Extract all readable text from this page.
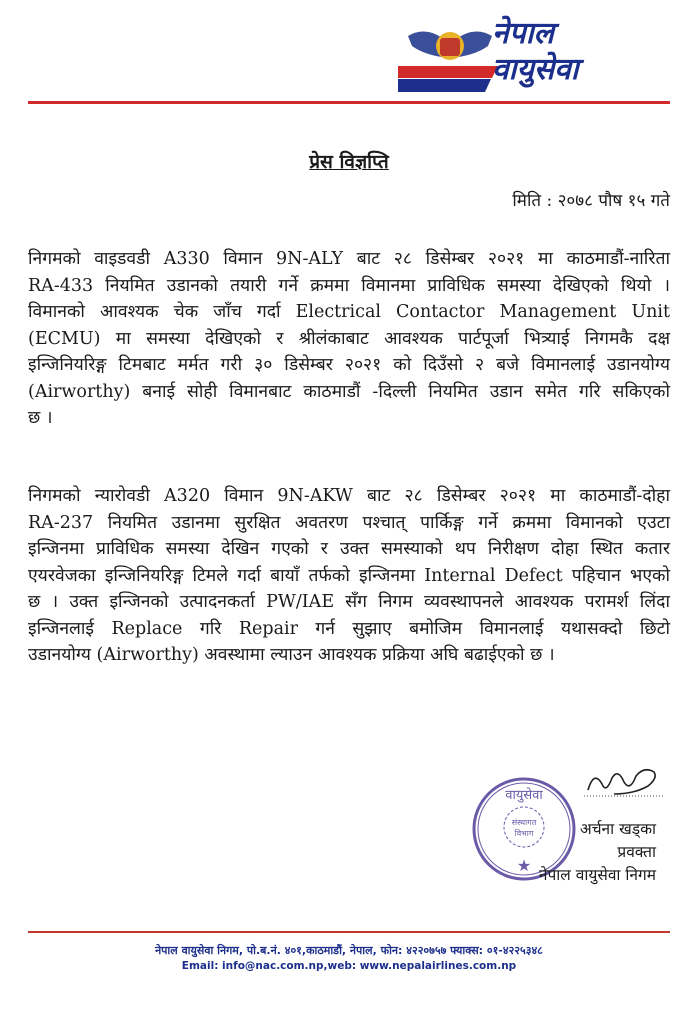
नेपाल
वायुसेवा
प्रेस विज्ञप्ति
मिति : २०७८ पौष १५ गते
निगमको वाइडवडी A330 विमान 9N-ALY बाट २८ डिसेम्बर २०२१ मा काठमाडौं-नारिता
RA-433 नियमित उडानको तयारी गर्ने क्रममा विमानमा प्राविधिक समस्या देखिएको थियो ।
विमानको आवश्यक चेक जाँच गर्दा Electrical Contactor Management Unit
(ECMU) मा समस्या देखिएको र श्रीलंकाबाट आवश्यक पार्टपूर्जा भित्र्याई निगमकै दक्ष
इन्जिनियरिङ्ग टिमबाट मर्मत गरी ३० डिसेम्बर २०२१ को दिउँसो २ बजे विमानलाई उडानयोग्य
(Airworthy) बनाई सोही विमानबाट काठमाडौं -दिल्ली नियमित उडान समेत गरि सकिएको
छ ।
निगमको न्यारोवडी A320 विमान 9N-AKW बाट २८ डिसेम्बर २०२१ मा काठमाडौं-दोहा
RA-237 नियमित उडानमा सुरक्षित अवतरण पश्चात् पार्किङ्ग गर्ने क्रममा विमानको एउटा
इन्जिनमा प्राविधिक समस्या देखिन गएको र उक्त समस्याको थप निरीक्षण दोहा स्थित कतार
एयरवेजका इन्जिनियरिङ्ग टिमले गर्दा बायाँ तर्फको इन्जिनमा Internal Defect पहिचान भएको
छ । उक्त इन्जिनको उत्पादनकर्ता PW/IAE सँग निगम व्यवस्थापनले आवश्यक परामर्श लिंदा
इन्जिनलाई Replace गरि Repair गर्न सुझाए बमोजिम विमानलाई यथासक्दो छिटो
उडानयोग्य (Airworthy) अवस्थामा ल्याउन आवश्यक प्रक्रिया अघि बढाईएको छ ।
संस्थागत
विभाग
वायुसेवा
★
अर्चना खड्का
प्रवक्ता
नेपाल वायुसेवा निगम
नेपाल वायुसेवा निगम, पो.ब.नं. ४०१,काठमाडौं, नेपाल, फोन: ४२२०७५७ फ्याक्स: ०१-४२२५३४८
Email: info@nac.com.np,web: www.nepalairlines.com.np
